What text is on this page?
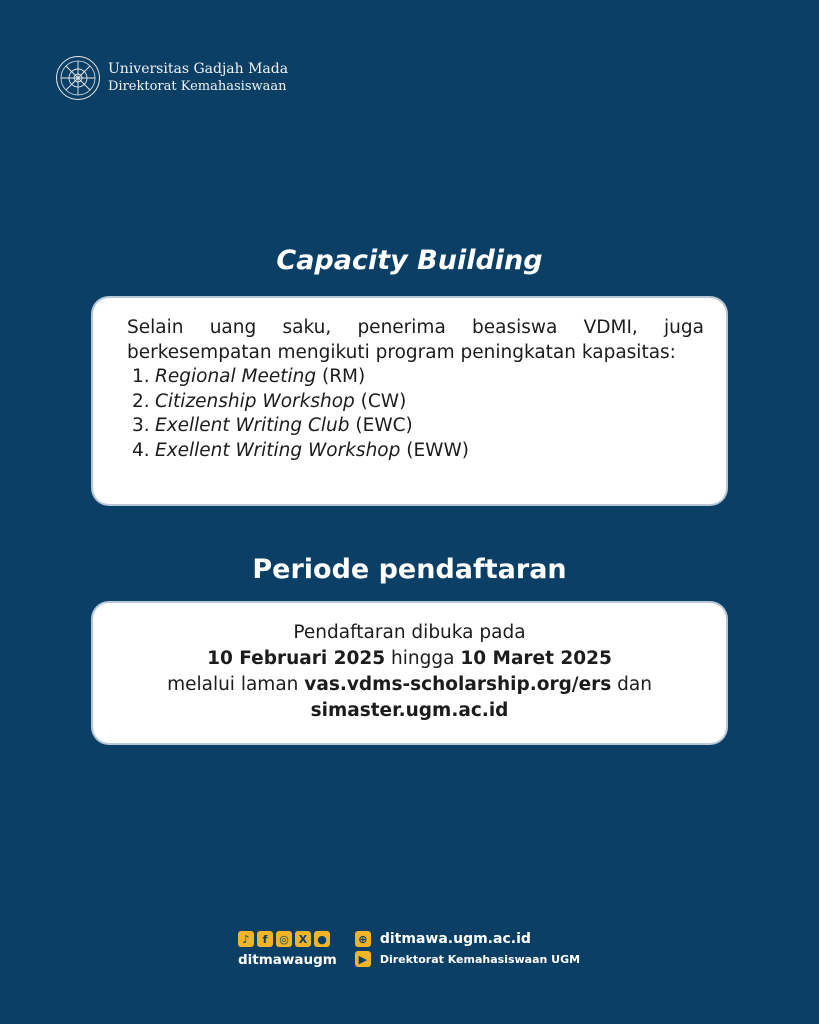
Universitas Gadjah Mada
Direktorat Kemahasiswaan
Capacity Building

Selain uang saku, penerima beasiswa VDMI, juga berkesempatan mengikuti program peningkatan kapasitas:

1. Regional Meeting (RM)
2. Citizenship Workshop (CW)
3. Exellent Writing Club (EWC)
4. Exellent Writing Workshop (EWW)
Periode pendaftaran
Pendaftaran dibuka pada
10 Februari 2025 hingga 10 Maret 2025
melalui laman vas.vdms-scholarship.org/ers dan
simaster.ugm.ac.id
♪	f	◎ X ●
ditmawaugm
⊕ ditmawa.ugm.ac.id
▶	Direktorat Kemahasiswaan UGM
